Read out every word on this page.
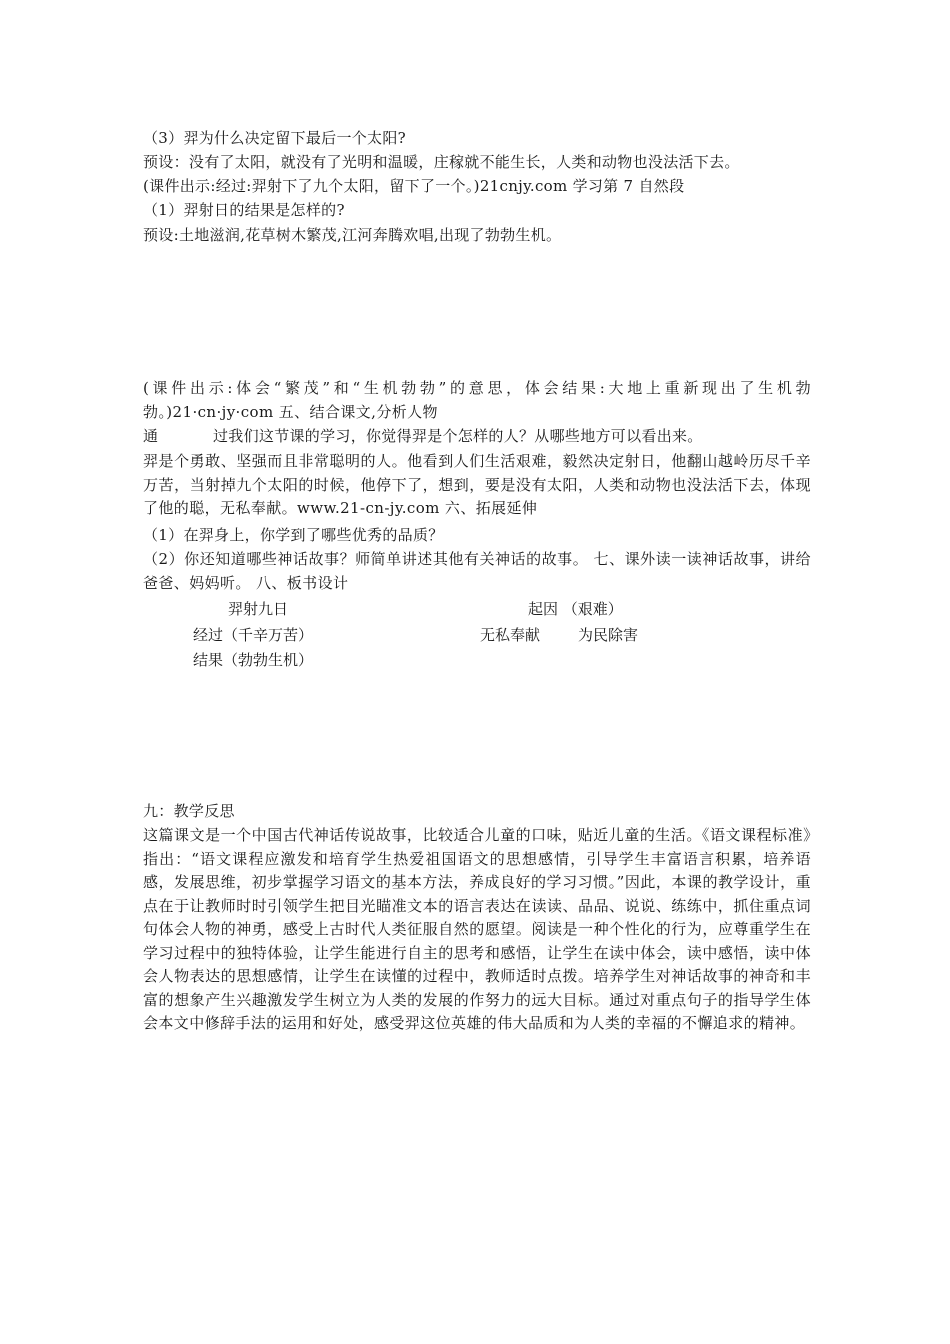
（3）羿为什么决定留下最后一个太阳?
预设：没有了太阳，就没有了光明和温暖，庄稼就不能生长，人类和动物也没法活下去。
(课件出示:经过:羿射下了九个太阳，留下了一个。)21cnjy.com 学习第 7 自然段
（1）羿射日的结果是怎样的?
预设:土地滋润,花草树木繁茂,江河奔腾欢唱,出现了勃勃生机。
(课件出示:体会“繁茂”和“生机勃勃”的意思，体会结果:大地上重新现出了生机勃勃。)21·cn·jy·com 五、结合课文,分析人物
通	过我们这节课的学习，你觉得羿是个怎样的人？从哪些地方可以看出来。
羿是个勇敢、坚强而且非常聪明的人。他看到人们生活艰难，毅然决定射日，他翻山越岭历尽千辛万苦，当射掉九个太阳的时候，他停下了，想到，要是没有太阳，人类和动物也没法活下去，体现了他的聪，无私奉献。www.21-cn-jy.com 六、拓展延伸
（1）在羿身上，你学到了哪些优秀的品质？
（2）你还知道哪些神话故事？师简单讲述其他有关神话的故事。 七、课外读一读神话故事，讲给爸爸、妈妈听。 八、板书设计
羿射九日	起因 （艰难）
经过（千辛万苦）	无私奉献	为民除害
结果（勃勃生机）
九：教学反思
这篇课文是一个中国古代神话传说故事，比较适合儿童的口味，贴近儿童的生活。《语文课程标准》指出：“语文课程应激发和培育学生热爱祖国语文的思想感情，引导学生丰富语言积累，培养语感，发展思维，初步掌握学习语文的基本方法，养成良好的学习习惯。”因此，本课的教学设计，重点在于让教师时时引领学生把目光瞄准文本的语言表达在读读、品品、说说、练练中，抓住重点词句体会人物的神勇，感受上古时代人类征服自然的愿望。阅读是一种个性化的行为，应尊重学生在学习过程中的独特体验，让学生能进行自主的思考和感悟，让学生在读中体会，读中感悟，读中体会人物表达的思想感情，让学生在读懂的过程中，教师适时点拨。培养学生对神话故事的神奇和丰富的想象产生兴趣激发学生树立为人类的发展的作努力的远大目标。通过对重点句子的指导学生体会本文中修辞手法的运用和好处，感受羿这位英雄的伟大品质和为人类的幸福的不懈追求的精神。
